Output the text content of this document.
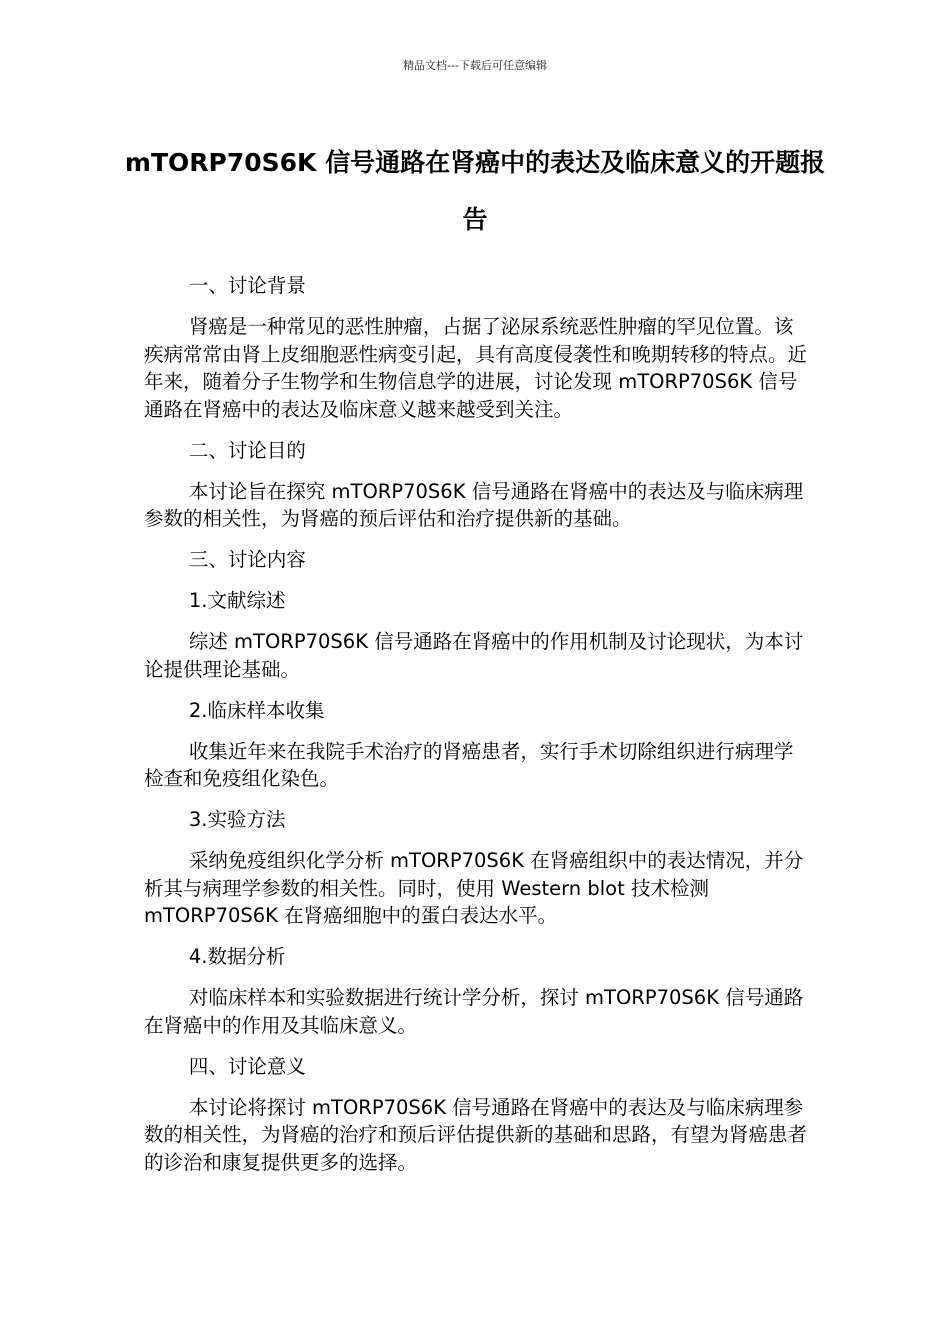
精品文档---下载后可任意编辑
mTORP70S6K 信号通路在肾癌中的表达及临床意义的开题报告

一、讨论背景

肾癌是一种常见的恶性肿瘤，占据了泌尿系统恶性肿瘤的罕见位置。该疾病常常由肾上皮细胞恶性病变引起，具有高度侵袭性和晚期转移的特点。近年来，随着分子生物学和生物信息学的进展，讨论发现 mTORP70S6K 信号通路在肾癌中的表达及临床意义越来越受到关注。

二、讨论目的

本讨论旨在探究 mTORP70S6K 信号通路在肾癌中的表达及与临床病理参数的相关性，为肾癌的预后评估和治疗提供新的基础。

三、讨论内容

1.文献综述

综述 mTORP70S6K 信号通路在肾癌中的作用机制及讨论现状，为本讨论提供理论基础。

2.临床样本收集

收集近年来在我院手术治疗的肾癌患者，实行手术切除组织进行病理学检查和免疫组化染色。

3.实验方法

采纳免疫组织化学分析 mTORP70S6K 在肾癌组织中的表达情况，并分析其与病理学参数的相关性。同时，使用 Western blot 技术检测 mTORP70S6K 在肾癌细胞中的蛋白表达水平。

4.数据分析

对临床样本和实验数据进行统计学分析，探讨 mTORP70S6K 信号通路在肾癌中的作用及其临床意义。

四、讨论意义

本讨论将探讨 mTORP70S6K 信号通路在肾癌中的表达及与临床病理参数的相关性，为肾癌的治疗和预后评估提供新的基础和思路，有望为肾癌患者的诊治和康复提供更多的选择。
